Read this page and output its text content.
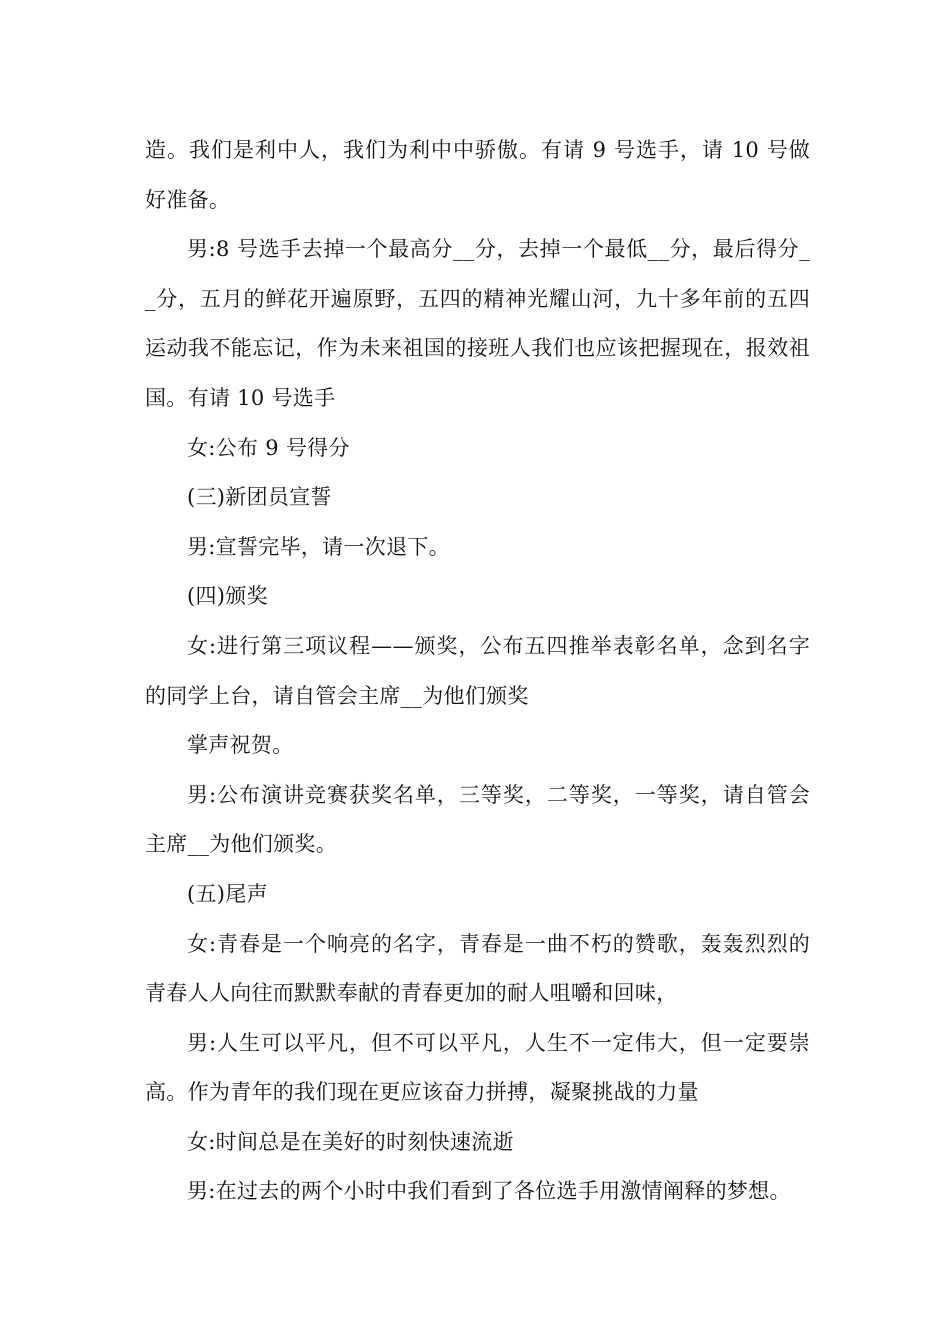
造。我们是利中人，我们为利中中骄傲。有请 9 号选手，请 10 号做好准备。

男:8 号选手去掉一个最高分__分，去掉一个最低__分，最后得分__分，五月的鲜花开遍原野，五四的精神光耀山河，九十多年前的五四运动我不能忘记，作为未来祖国的接班人我们也应该把握现在，报效祖国。有请 10 号选手

女:公布 9 号得分

(三)新团员宣誓

男:宣誓完毕，请一次退下。

(四)颁奖

女:进行第三项议程——颁奖，公布五四推举表彰名单，念到名字的同学上台，请自管会主席__为他们颁奖

掌声祝贺。

男:公布演讲竞赛获奖名单，三等奖，二等奖，一等奖，请自管会主席__为他们颁奖。

(五)尾声

女:青春是一个响亮的名字，青春是一曲不朽的赞歌，轰轰烈烈的青春人人向往而默默奉献的青春更加的耐人咀嚼和回味，

男:人生可以平凡，但不可以平凡，人生不一定伟大，但一定要崇高。作为青年的我们现在更应该奋力拼搏，凝聚挑战的力量

女:时间总是在美好的时刻快速流逝

男:在过去的两个小时中我们看到了各位选手用激情阐释的梦想。
